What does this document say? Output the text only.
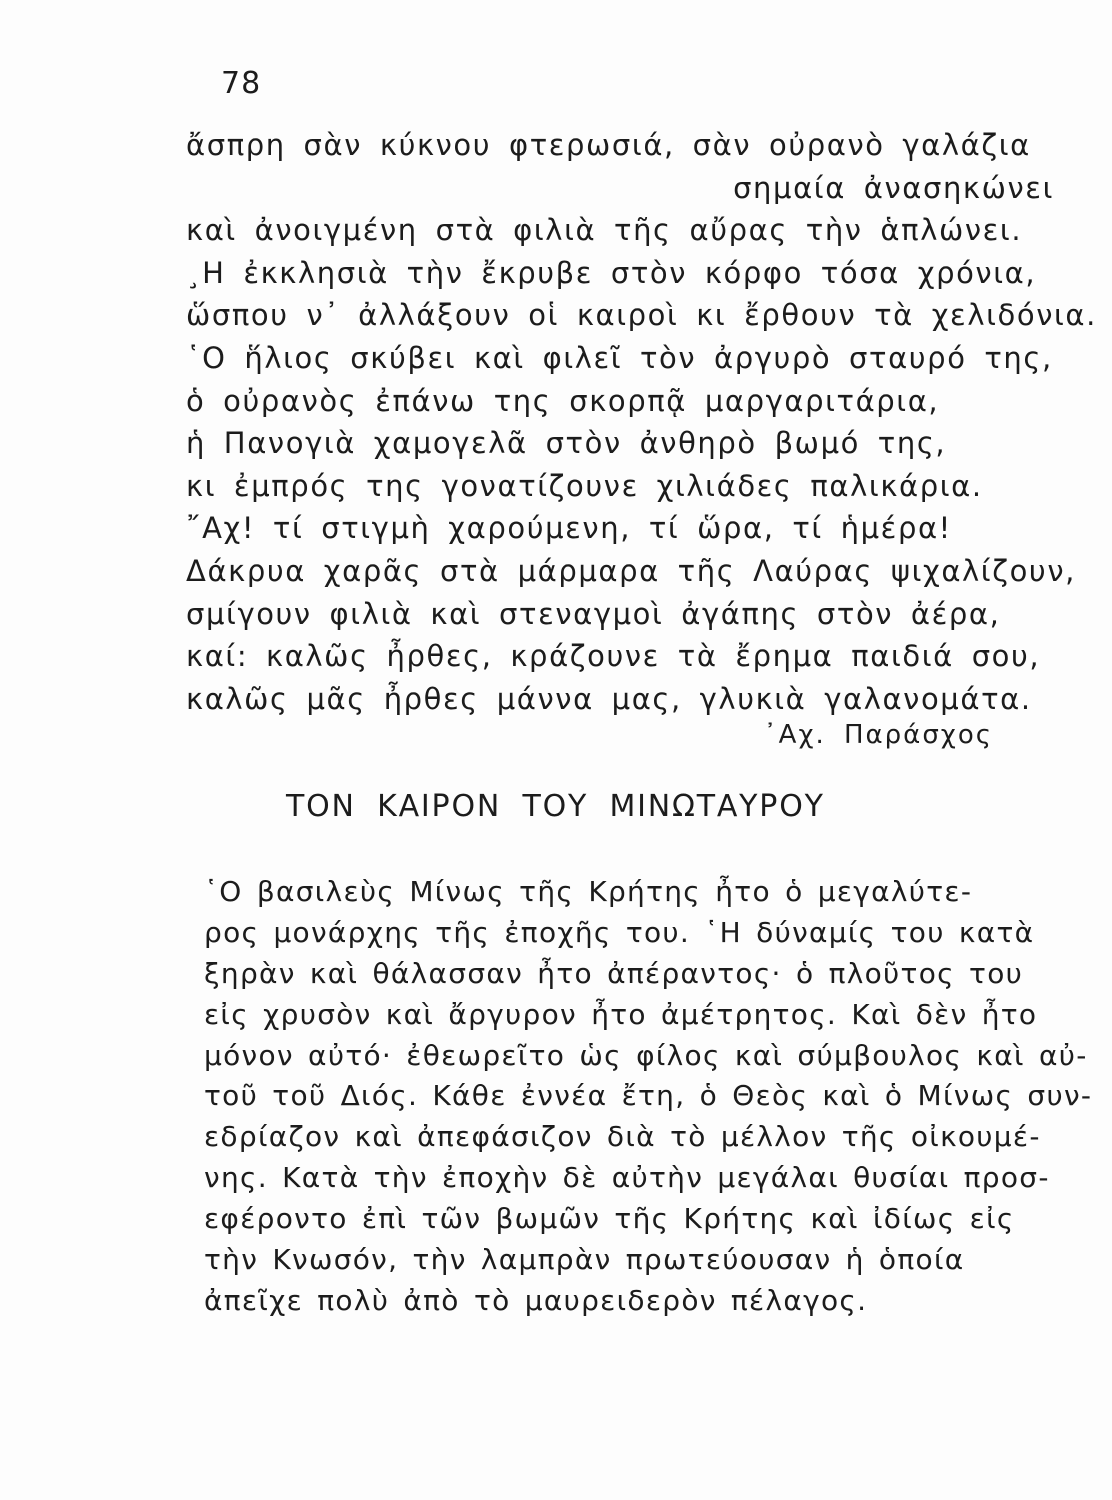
78
ἄσπρη σὰν κύκνου φτερωσιά, σὰν οὐρανὸ γαλάζια
σημαία ἀνασηκώνει
καὶ ἀνοιγμένη στὰ φιλιὰ τῆς αὔρας τὴν ἁπλώνει.
¸Η ἐκκλησιὰ τὴν ἔκρυβε στὸν κόρφο τόσα χρόνια,
ὥσπου ν᾽ ἀλλάξουν οἱ καιροὶ κι ἔρθουν τὰ χελιδόνια.
῾Ο ἥλιος σκύβει καὶ φιλεῖ τὸν ἀργυρὸ σταυρό της,
ὁ οὐρανὸς ἐπάνω της σκορπᾷ μαργαριτάρια,
ἡ Πανογιὰ χαμογελᾶ στὸν ἀνθηρὸ βωμό της,
κι ἐμπρός της γονατίζουνε χιλιάδες παλικάρια.
῎Αχ! τί στιγμὴ χαρούμενη, τί ὥρα, τί ἡμέρα!
Δάκρυα χαρᾶς στὰ μάρμαρα τῆς Λαύρας ψιχαλίζουν,
σμίγουν φιλιὰ καὶ στεναγμοὶ ἀγάπης στὸν ἀέρα,
καί: καλῶς ἦρθες, κράζουνε τὰ ἔρημα παιδιά σου,
καλῶς μᾶς ἦρθες μάννα μας, γλυκιὰ γαλανομάτα.
᾽Αχ. Παράσχος
ΤΟΝ ΚΑΙΡΟΝ ΤΟΥ ΜΙΝΩΤΑΥΡΟΥ
῾Ο βασιλεὺς Μίνως τῆς Κρήτης ἦτο ὁ μεγαλύτε-
ρος μονάρχης τῆς ἐποχῆς του. ῾Η δύναμίς του κατὰ
ξηρὰν καὶ θάλασσαν ἦτο ἀπέραντος· ὁ πλοῦτος του
εἰς χρυσὸν καὶ ἄργυρον ἦτο ἀμέτρητος. Καὶ δὲν ἦτο
μόνον αὐτό· ἐθεωρεῖτο ὡς φίλος καὶ σύμβουλος καὶ αὐ-
τοῦ τοῦ Διός. Κάθε ἐννέα ἔτη, ὁ Θεὸς καὶ ὁ Μίνως συν-
εδρίαζον καὶ ἀπεφάσιζον διὰ τὸ μέλλον τῆς οἰκουμέ-
νης. Κατὰ τὴν ἐποχὴν δὲ αὐτὴν μεγάλαι θυσίαι προσ-
εφέροντο ἐπὶ τῶν βωμῶν τῆς Κρήτης καὶ ἰδίως εἰς
τὴν Κνωσόν, τὴν λαμπρὰν πρωτεύουσαν ἡ ὁποία
ἀπεῖχε πολὺ ἀπὸ τὸ μαυρειδερὸν πέλαγος.
